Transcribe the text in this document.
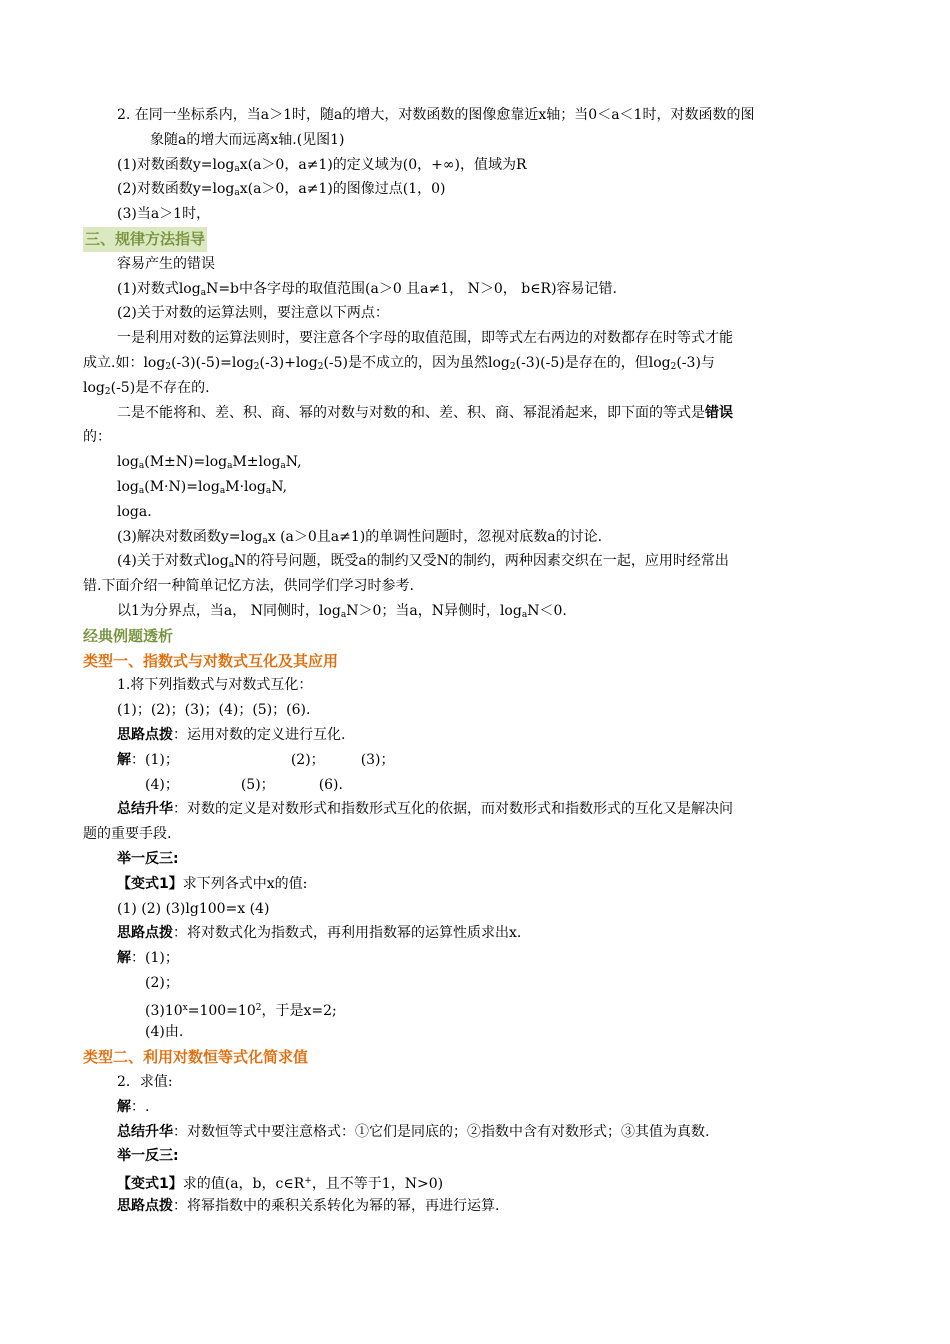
2. 在同一坐标系内，当a＞1时，随a的增大，对数函数的图像愈靠近x轴；当0＜a＜1时，对数函数的图
象随a的增大而远离x轴.(见图1)
(1)对数函数$y=\log_ax(a>0$，a≠1)的定义域为(0，+∞)，值域为R
(2)对数函数$y=\log_ax(a>0$，a≠1)的图像过点(1，0)
(3)当a＞1时，
三、规律方法指导
容易产生的错误
(1)对数式$\log_aN=b$中各字母的取值范围(a＞0 且a≠1， N＞0， b∈R)容易记错.
(2)关于对数的运算法则，要注意以下两点：
一是利用对数的运算法则时，要注意各个字母的取值范围，即等式左右两边的对数都存在时等式才能
成立.如：$\log_2(-3)(-5)=\log_2(-3)+\log_2(-5)$是不成立的，因为虽然$\log_2(-3)(-5)$是存在的，但$\log_2(-3)$与
$\log_2(-5)$是不存在的.
二是不能将和、差、积、商、幂的对数与对数的和、差、积、商、幂混淆起来，即下面的等式是错误
的：
$\log_a(M\pm N)=\log_aM\pm\log_aN$,
$\log_a(M\cdot N)=\log_aM\cdot\log_aN$,
loga.
(3)解决对数函数$y=\log_ax$ (a＞0且a≠1)的单调性问题时，忽视对底数a的讨论.
(4)关于对数式$\log_aN$的符号问题，既受a的制约又受N的制约，两种因素交织在一起，应用时经常出
错.下面介绍一种简单记忆方法，供同学们学习时参考.
以1为分界点，当a， N同侧时，$\log_aN>0$；当a，N异侧时，$\log_aN<0$.
经典例题透析
类型一、指数式与对数式互化及其应用
1.将下列指数式与对数式互化：
(1)；(2)；(3)；(4)；(5)；(6).
思路点拨：运用对数的定义进行互化.
解：(1)；	(2)；	(3)；
(4)；	(5)；	(6).
总结升华：对数的定义是对数形式和指数形式互化的依据，而对数形式和指数形式的互化又是解决问
题的重要手段.
举一反三:
【变式1】求下列各式中x的值:
(1) (2) (3)lg100=x (4)
思路点拨：将对数式化为指数式，再利用指数幂的运算性质求出x.
解：(1)；
(2)；
$(3)10^x=100=10^2$，于是x=2;
(4)由.
类型二、利用对数恒等式化简求值
2．求值:
解：.
总结升华：对数恒等式中要注意格式：①它们是同底的；②指数中含有对数形式；③其值为真数.
举一反三:
【变式1】求的值(a，b，c∈R+，且不等于1，N>0)
思路点拨：将幂指数中的乘积关系转化为幂的幂，再进行运算.
